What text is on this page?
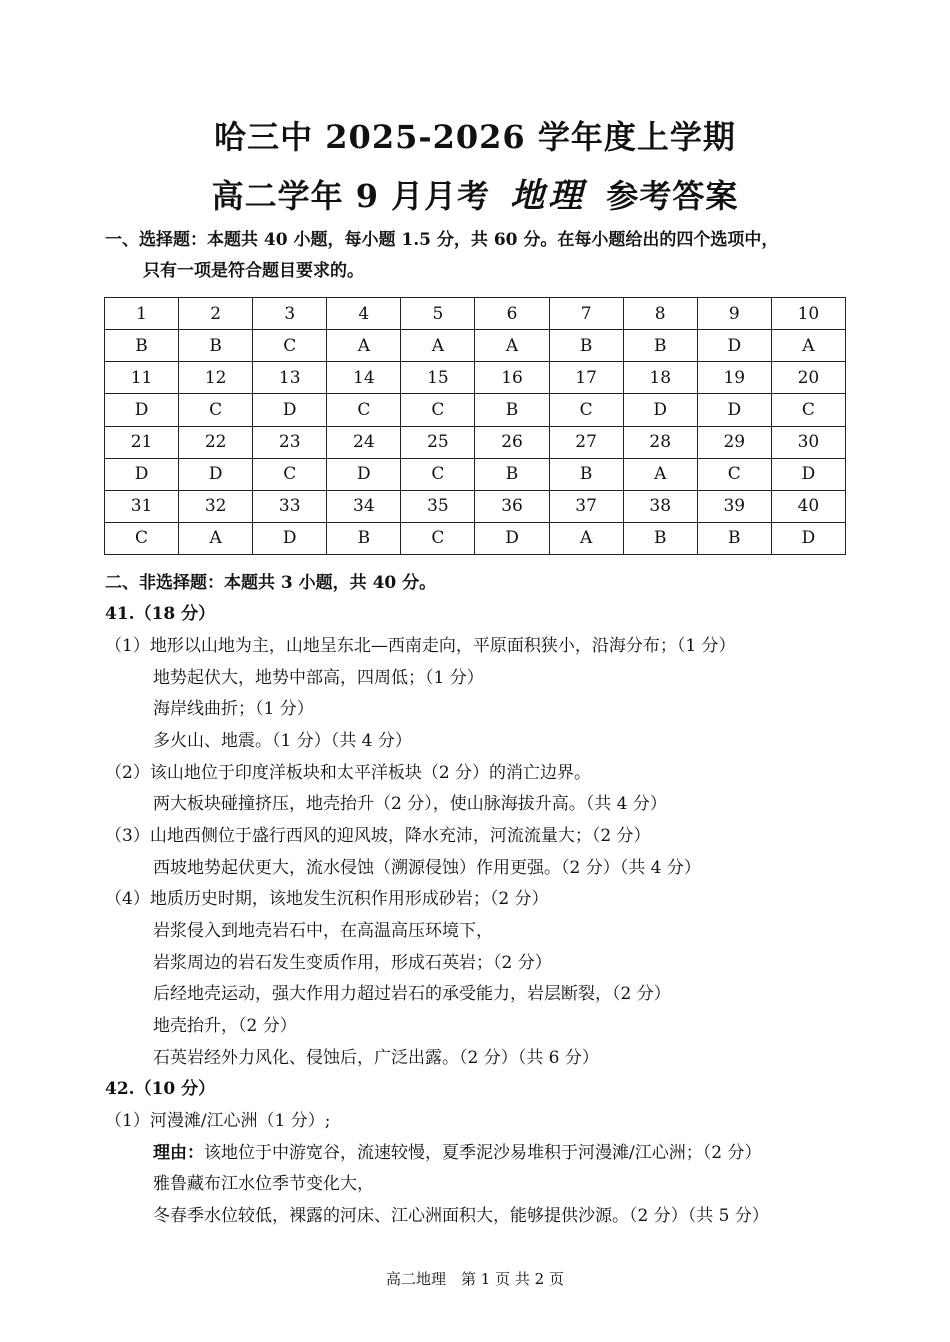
哈三中 2025-2026 学年度上学期
高二学年 9 月月考 地理 参考答案
一、选择题：本题共 40 小题，每小题 1.5 分，共 60 分。在每小题给出的四个选项中，
只有一项是符合题目要求的。
1	2	3	4	5	6	7	8	9	10
B	B	C	A	A	A	B	B	D	A
11	12	13	14	15	16	17	18	19	20
D	C	D	C	C	B	C	D	D	C
21	22	23	24	25	26	27	28	29	30
D	D	C	D	C	B	B	A	C	D
31	32	33	34	35	36	37	38	39	40
C	A	D	B	C	D	A	B	B	D
二、非选择题：本题共 3 小题，共 40 分。
41.（18 分）
（1）地形以山地为主，山地呈东北—西南走向，平原面积狭小，沿海分布；（1 分）
地势起伏大，地势中部高，四周低；（1 分）
海岸线曲折；（1 分）
多火山、地震。（1 分）（共 4 分）
（2）该山地位于印度洋板块和太平洋板块（2 分）的消亡边界。
两大板块碰撞挤压，地壳抬升（2 分），使山脉海拔升高。（共 4 分）
（3）山地西侧位于盛行西风的迎风坡，降水充沛，河流流量大；（2 分）
西坡地势起伏更大，流水侵蚀（溯源侵蚀）作用更强。（2 分）（共 4 分）
（4）地质历史时期，该地发生沉积作用形成砂岩；（2 分）
岩浆侵入到地壳岩石中，在高温高压环境下，
岩浆周边的岩石发生变质作用，形成石英岩；（2 分）
后经地壳运动，强大作用力超过岩石的承受能力，岩层断裂，（2 分）
地壳抬升，（2 分）
石英岩经外力风化、侵蚀后，广泛出露。（2 分）（共 6 分）
42.（10 分）
（1）河漫滩/江心洲（1 分）;
理由：该地位于中游宽谷，流速较慢，夏季泥沙易堆积于河漫滩/江心洲；（2 分）
雅鲁藏布江水位季节变化大，
冬春季水位较低，裸露的河床、江心洲面积大，能够提供沙源。（2 分）（共 5 分）
高二地理　第 1 页 共 2 页
